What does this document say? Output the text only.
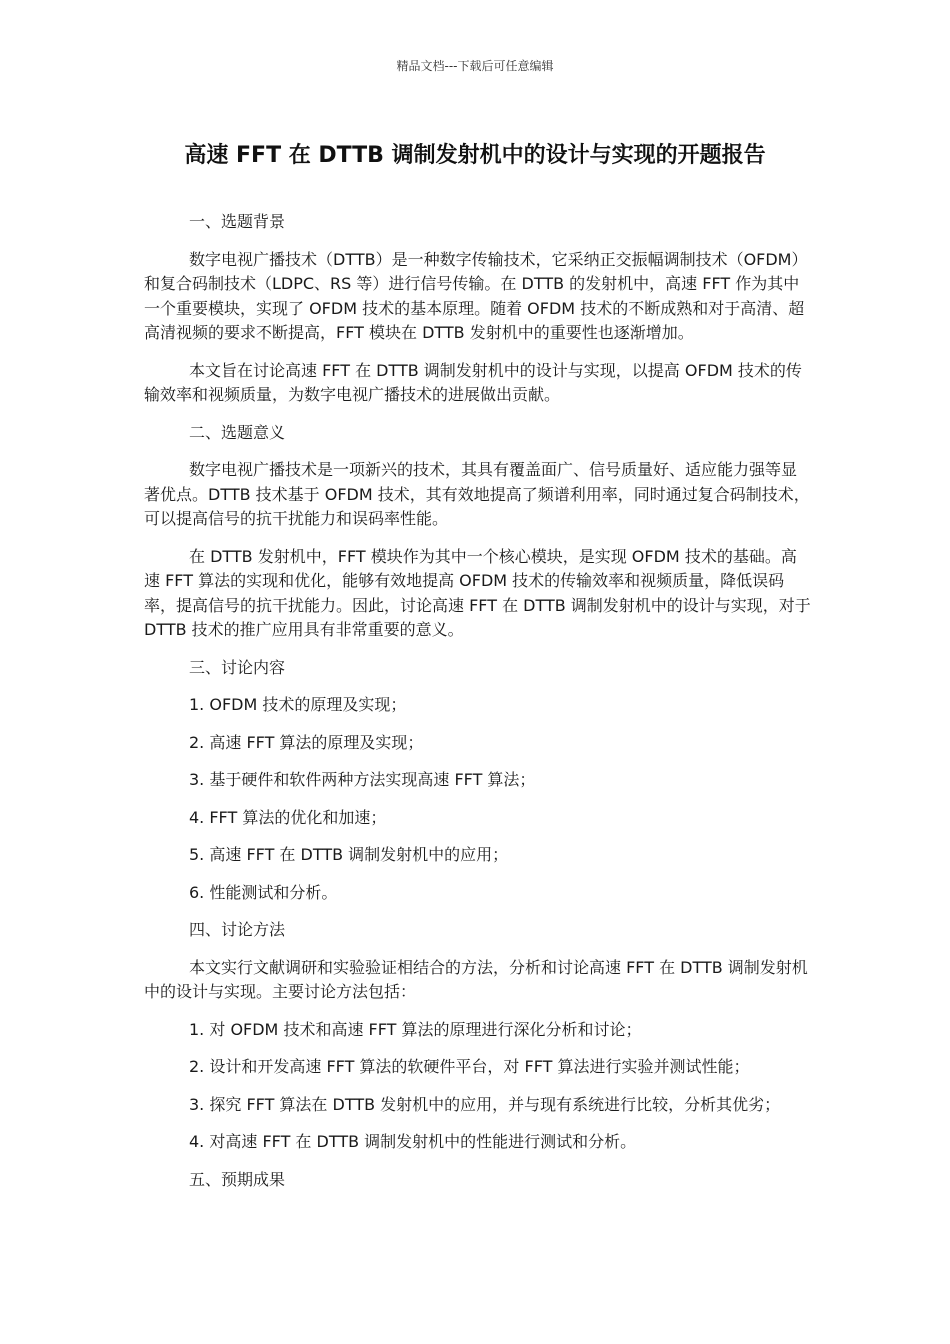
精品文档---下载后可任意编辑
高速 FFT 在 DTTB 调制发射机中的设计与实现的开题报告

一、选题背景

数字电视广播技术（DTTB）是一种数字传输技术，它采纳正交振幅调制技术（OFDM）和复合码制技术（LDPC、RS 等）进行信号传输。在 DTTB 的发射机中，高速 FFT 作为其中一个重要模块，实现了 OFDM 技术的基本原理。随着 OFDM 技术的不断成熟和对于高清、超高清视频的要求不断提高，FFT 模块在 DTTB 发射机中的重要性也逐渐增加。

本文旨在讨论高速 FFT 在 DTTB 调制发射机中的设计与实现，以提高 OFDM 技术的传输效率和视频质量，为数字电视广播技术的进展做出贡献。

二、选题意义

数字电视广播技术是一项新兴的技术，其具有覆盖面广、信号质量好、适应能力强等显著优点。DTTB 技术基于 OFDM 技术，其有效地提高了频谱利用率，同时通过复合码制技术，可以提高信号的抗干扰能力和误码率性能。

在 DTTB 发射机中，FFT 模块作为其中一个核心模块，是实现 OFDM 技术的基础。高速 FFT 算法的实现和优化，能够有效地提高 OFDM 技术的传输效率和视频质量，降低误码率，提高信号的抗干扰能力。因此，讨论高速 FFT 在 DTTB 调制发射机中的设计与实现，对于 DTTB 技术的推广应用具有非常重要的意义。

三、讨论内容

1. OFDM 技术的原理及实现；

2. 高速 FFT 算法的原理及实现；

3. 基于硬件和软件两种方法实现高速 FFT 算法；

4. FFT 算法的优化和加速；

5. 高速 FFT 在 DTTB 调制发射机中的应用；

6. 性能测试和分析。

四、讨论方法

本文实行文献调研和实验验证相结合的方法，分析和讨论高速 FFT 在 DTTB 调制发射机中的设计与实现。主要讨论方法包括：

1. 对 OFDM 技术和高速 FFT 算法的原理进行深化分析和讨论；

2. 设计和开发高速 FFT 算法的软硬件平台，对 FFT 算法进行实验并测试性能；

3. 探究 FFT 算法在 DTTB 发射机中的应用，并与现有系统进行比较，分析其优劣；

4. 对高速 FFT 在 DTTB 调制发射机中的性能进行测试和分析。

五、预期成果
